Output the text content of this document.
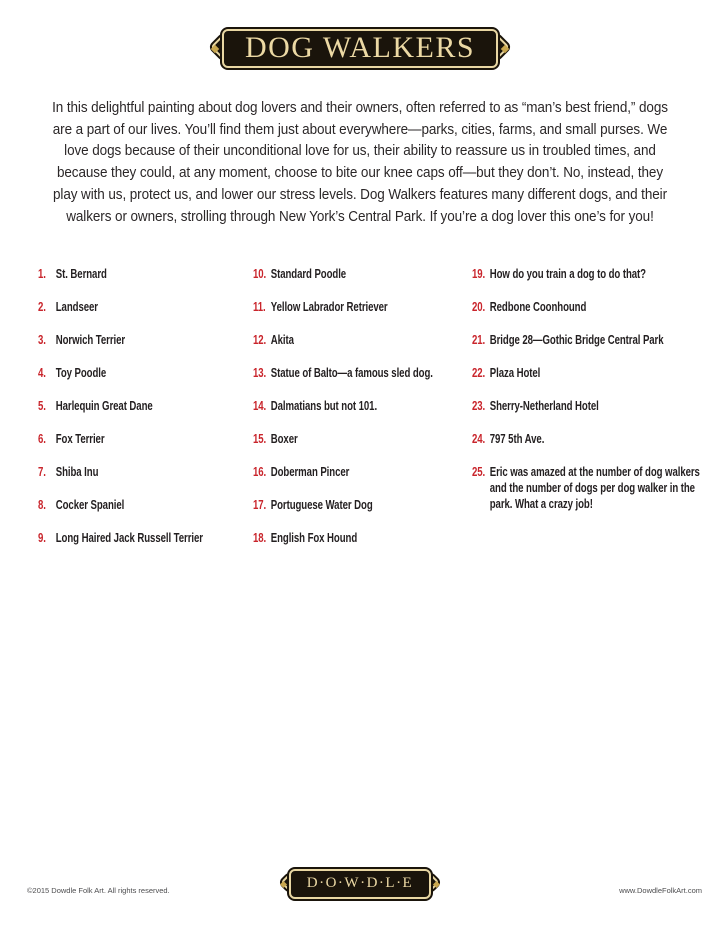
DOG WALKERS

In this delightful painting about dog lovers and their owners, often referred to as “man’s best friend,” dogs are a part of our lives. You’ll find them just about everywhere—parks, cities, farms, and small purses. We love dogs because of their unconditional love for us, their ability to reassure us in troubled times, and because they could, at any moment, choose to bite our knee caps off—but they don’t. No, instead, they play with us, protect us, and lower our stress levels. Dog Walkers features many different dogs, and their walkers or owners, strolling through New York’s Central Park. If you’re a dog lover this one’s for you!

1. St. Bernard
2. Landseer
3. Norwich Terrier
4. Toy Poodle
5. Harlequin Great Dane
6. Fox Terrier
7. Shiba Inu
8. Cocker Spaniel
9. Long Haired Jack Russell Terrier
10. Standard Poodle
11. Yellow Labrador Retriever
12. Akita
13. Statue of Balto—a famous sled dog.
14. Dalmatians but not 101.
15. Boxer
16. Doberman Pincer
17. Portuguese Water Dog
18. English Fox Hound
19. How do you train a dog to do that?
20. Redbone Coonhound
21. Bridge 28—Gothic Bridge Central Park
22. Plaza Hotel
23. Sherry-Netherland Hotel
24. 797 5th Ave.
25. Eric was amazed at the number of dog walkers and the number of dogs per dog walker in the park. What a crazy job!
©2015 Dowdle Folk Art. All rights reserved.	D·O·W·D·L·E	www.DowdleFolkArt.com
